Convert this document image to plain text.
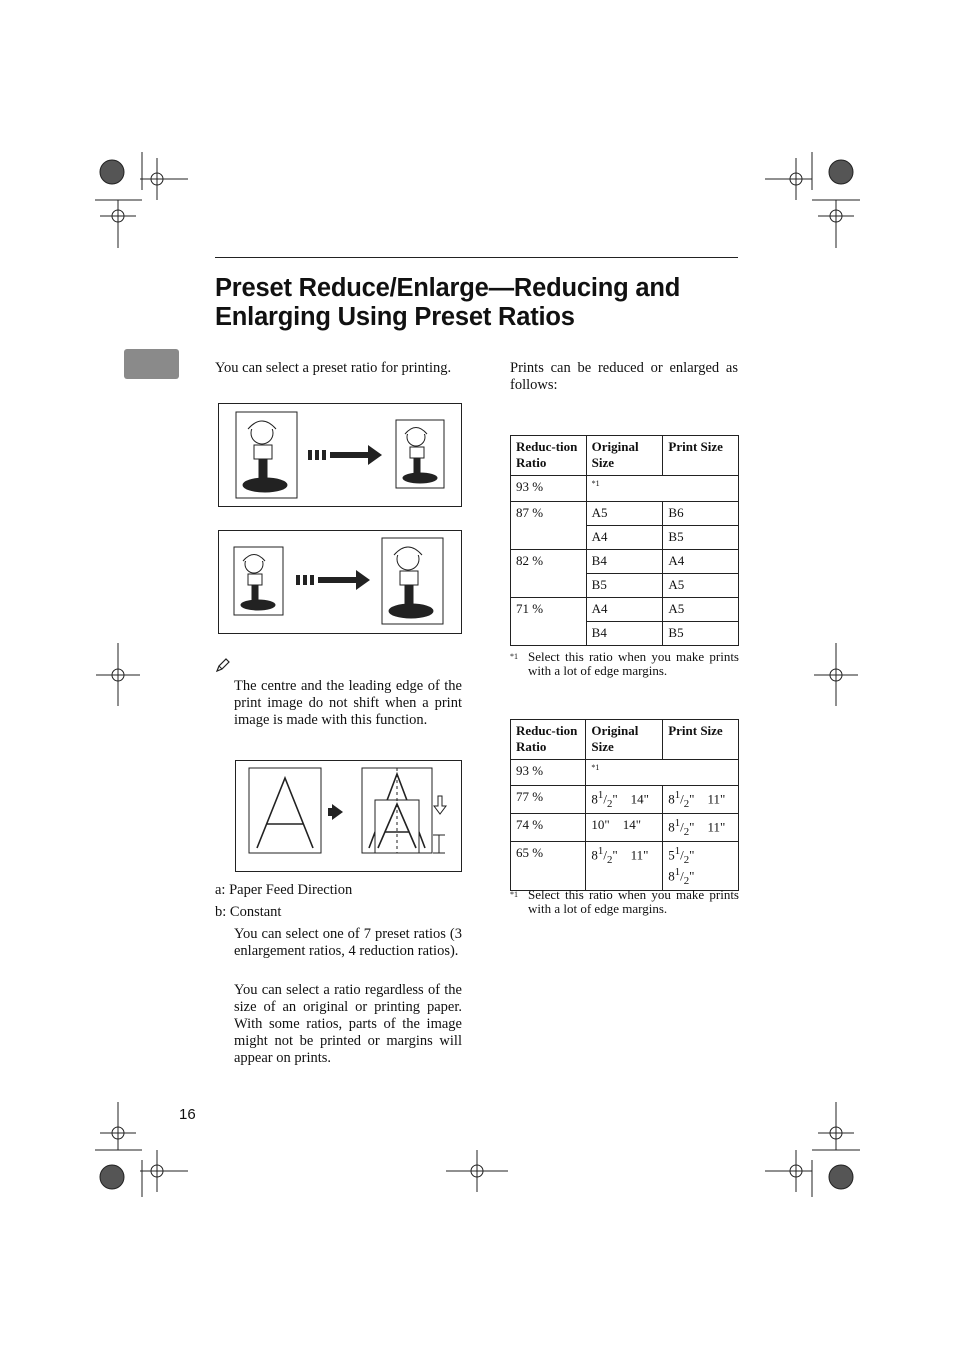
Preset Reduce/Enlarge—Reducing and Enlarging Using Preset Ratios
You can select a preset ratio for printing.
The centre and the leading edge of the print image do not shift when a print image is made with this function.
a: Paper Feed Direction
b: Constant
You can select one of 7 preset ratios (3 enlargement ratios, 4 reduction ratios).
You can select a ratio regardless of the size of an original or printing paper. With some ratios, parts of the image might not be printed or margins will appear on prints.
Prints can be reduced or enlarged as follows:
Reduc-tion Ratio	Original Size	Print Size
93 %	$^{*1}$
87 %	A5	B6
	A4	B5
82 %	B4	A4
	B5	A5
71 %	A4	A5
	B4	B5
*1 Select this ratio when you make prints with a lot of edge margins.
Reduc-tion Ratio	Original Size	Print Size
93 %	$^{*1}$
77 %	$8^1/_2$"    14"	$8^1/_2$"    11"
74 %	10"    14"	$8^1/_2$"    11"
65 %	$8^1/_2$"    11"	$5^1/_2$"
$8^1/_2$"
*1 Select this ratio when you make prints with a lot of edge margins.
16
